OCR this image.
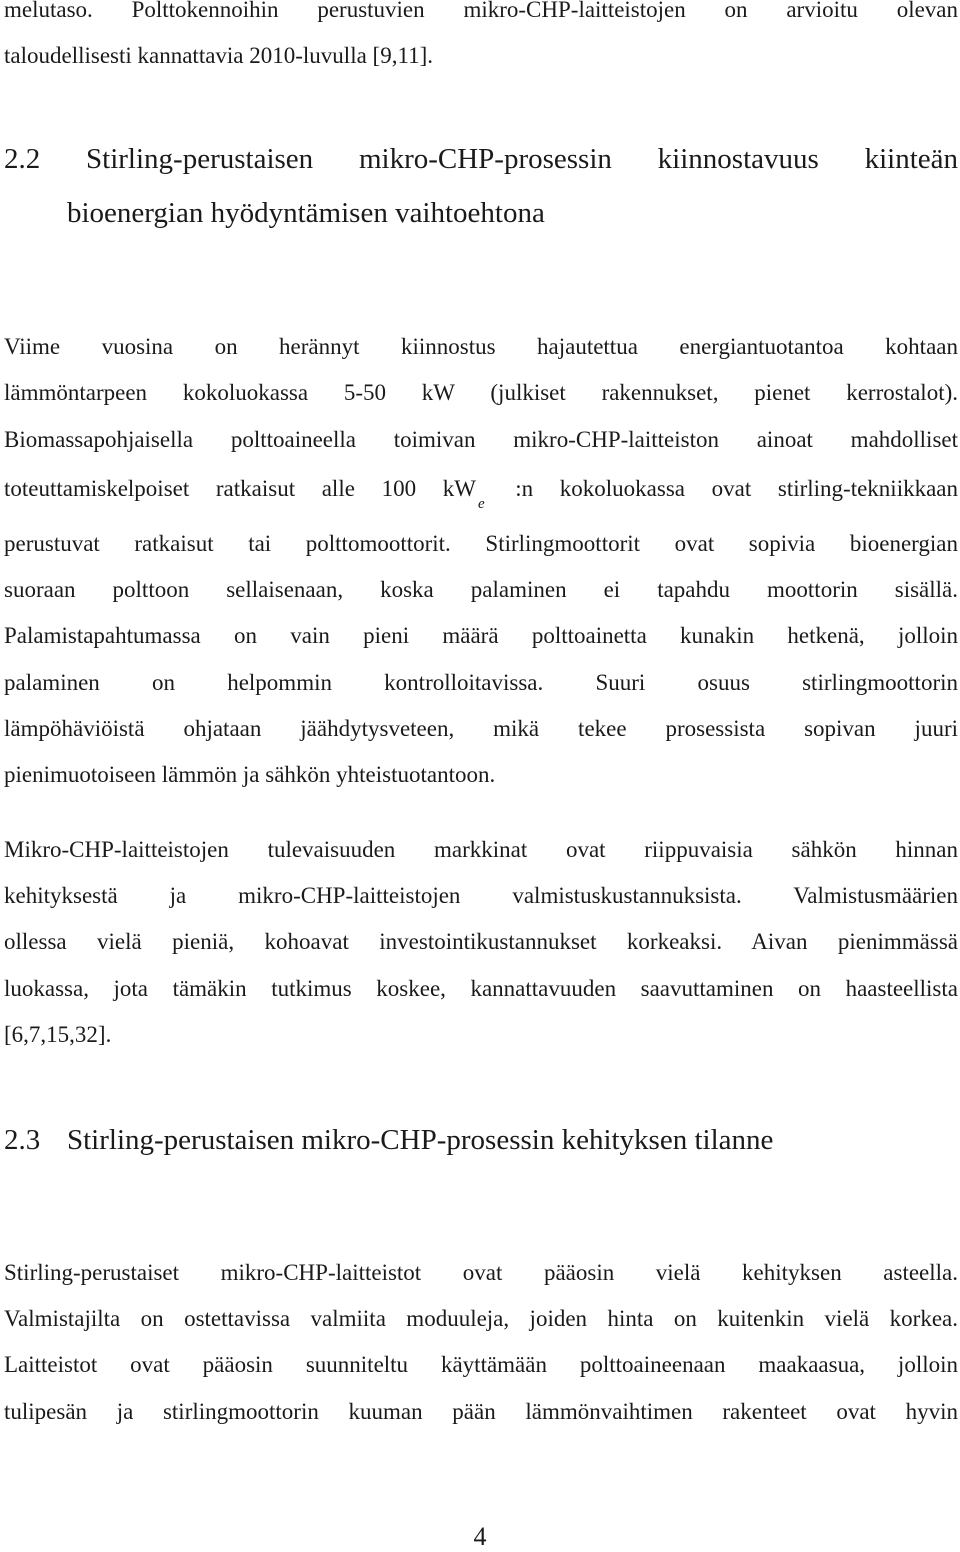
melutaso. Polttokennoihin perustuvien mikro-CHP-laitteistojen on arvioitu olevan
taloudellisesti kannattavia 2010-luvulla [9,11].
2.2 Stirling-perustaisen mikro-CHP-prosessin kiinnostavuus kiinteän
bioenergian hyödyntämisen vaihtoehtona
Viime vuosina on herännyt kiinnostus hajautettua energiantuotantoa kohtaan
lämmöntarpeen kokoluokassa 5-50 kW (julkiset rakennukset, pienet kerrostalot).
Biomassapohjaisella polttoaineella toimivan mikro-CHP-laitteiston ainoat mahdolliset
toteuttamiskelpoiset ratkaisut alle 100 $kW_e$ :n kokoluokassa ovat stirling-tekniikkaan
perustuvat ratkaisut tai polttomoottorit. Stirlingmoottorit ovat sopivia bioenergian
suoraan polttoon sellaisenaan, koska palaminen ei tapahdu moottorin sisällä.
Palamistapahtumassa on vain pieni määrä polttoainetta kunakin hetkenä, jolloin
palaminen on helpommin kontrolloitavissa. Suuri osuus stirlingmoottorin
lämpöhäviöistä ohjataan jäähdytysveteen, mikä tekee prosessista sopivan juuri
pienimuotoiseen lämmön ja sähkön yhteistuotantoon.
Mikro-CHP-laitteistojen tulevaisuuden markkinat ovat riippuvaisia sähkön hinnan
kehityksestä ja mikro-CHP-laitteistojen valmistuskustannuksista. Valmistusmäärien
ollessa vielä pieniä, kohoavat investointikustannukset korkeaksi. Aivan pienimmässä
luokassa, jota tämäkin tutkimus koskee, kannattavuuden saavuttaminen on haasteellista
[6,7,15,32].
2.3 Stirling-perustaisen mikro-CHP-prosessin kehityksen tilanne
Stirling-perustaiset mikro-CHP-laitteistot ovat pääosin vielä kehityksen asteella.
Valmistajilta on ostettavissa valmiita moduuleja, joiden hinta on kuitenkin vielä korkea.
Laitteistot ovat pääosin suunniteltu käyttämään polttoaineenaan maakaasua, jolloin
tulipesän ja stirlingmoottorin kuuman pään lämmönvaihtimen rakenteet ovat hyvin
4
